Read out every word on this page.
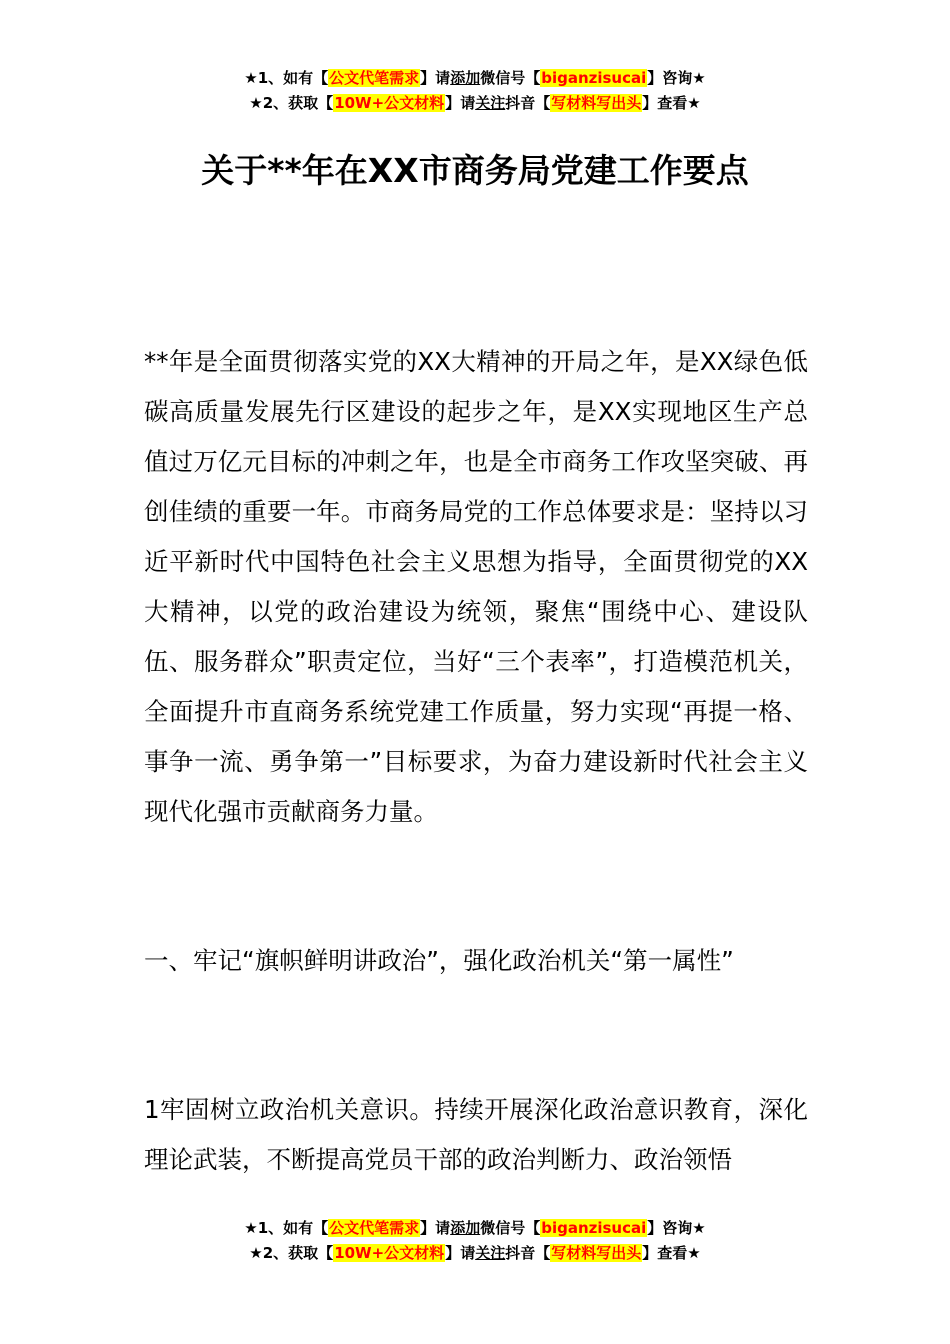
★1、如有【公文代笔需求】请添加微信号【biganzisucai】咨询★
★2、获取【10W+公文材料】请关注抖音【写材料写出头】查看★
关于**年在XX市商务局党建工作要点

**年是全面贯彻落实党的XX大精神的开局之年，是XX绿色低碳高质量发展先行区建设的起步之年，是XX实现地区生产总值过万亿元目标的冲刺之年，也是全市商务工作攻坚突破、再创佳绩的重要一年。市商务局党的工作总体要求是：坚持以习近平新时代中国特色社会主义思想为指导，全面贯彻党的XX大精神，以党的政治建设为统领，聚焦“围绕中心、建设队伍、服务群众”职责定位，当好“三个表率”，打造模范机关，全面提升市直商务系统党建工作质量，努力实现“再提一格、事争一流、勇争第一”目标要求，为奋力建设新时代社会主义现代化强市贡献商务力量。

一、牢记“旗帜鲜明讲政治”，强化政治机关“第一属性”

1牢固树立政治机关意识。持续开展深化政治意识教育，深化理论武装，不断提高党员干部的政治判断力、政治领悟

★1、如有【公文代笔需求】请添加微信号【biganzisucai】咨询★
★2、获取【10W+公文材料】请关注抖音【写材料写出头】查看★
